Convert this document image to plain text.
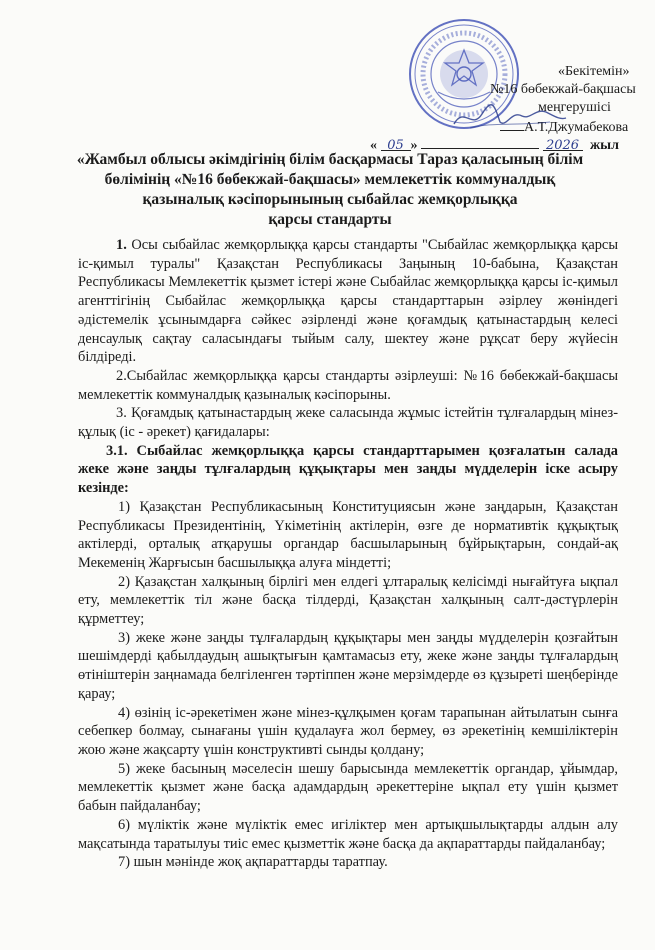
«Бекітемін»
№16 бөбекжай-бақшасы
меңгерушісі
А.Т.Джумабекова
« 05 »	2026 жыл
«Жамбыл облысы әкімдігінің білім басқармасы Тараз қаласының білім
бөлімінің «№16 бөбекжай-бақшасы» мемлекеттік коммуналдық
қазыналық кәсіпорынының сыбайлас жемқорлыққа
қарсы стандарты

1. Осы сыбайлас жемқорлыққа қарсы стандарты "Сыбайлас жемқорлыққа қарсы іс-қимыл туралы" Қазақстан Республикасы Заңының 10-бабына, Қазақстан Республикасы Мемлекеттік қызмет істері және Сыбайлас жемқорлыққа қарсы іс-қимыл агенттігінің Сыбайлас жемқорлыққа қарсы стандарттарын әзірлеу жөніндегі әдістемелік ұсынымдарға сәйкес әзірленді және қоғамдық қатынастардың келесі денсаулық сақтау саласындағы тыйым салу, шектеу және рұқсат беру жүйесін білдіреді.

2.Сыбайлас жемқорлыққа қарсы стандарты әзірлеуші: №16 бөбекжай-бақшасы мемлекеттік коммуналдық қазыналық кәсіпорыны.

3. Қоғамдық қатынастардың жеке саласында жұмыс істейтін тұлғалардың мінез-құлық (іс - әрекет) қағидалары:

3.1. Сыбайлас жемқорлыққа қарсы стандарттарымен қозғалатын салада жеке және заңды тұлғалардың құқықтары мен заңды мүдделерін іске асыру кезінде:

1) Қазақстан Республикасының Конституциясын және заңдарын, Қазақстан Республикасы Президентінің, Үкіметінің актілерін, өзге де нормативтік құқықтық актілерді, орталық атқарушы органдар басшыларының бұйрықтарын, сондай-ақ Мекеменің Жарғысын басшылыққа алуға міндетті;

2) Қазақстан халқының бірлігі мен елдегі ұлтаралық келісімді нығайтуға ықпал ету, мемлекеттік тіл және басқа тілдерді, Қазақстан халқының салт-дәстүрлерін құрметтеу;

3) жеке және заңды тұлғалардың құқықтары мен заңды мүдделерін қозғайтын шешімдерді қабылдаудың ашықтығын қамтамасыз ету, жеке және заңды тұлғалардың өтініштерін заңнамада белгіленген тәртіппен және мерзімдерде өз құзыреті шеңберінде қарау;

4) өзінің іс-әрекетімен және мінез-құлқымен қоғам тарапынан айтылатын сынға себепкер болмау, сынағаны үшін қудалауға жол бермеу, өз әрекетінің кемшіліктерін жою және жақсарту үшін конструктивті сынды қолдану;

5) жеке басының мәселесін шешу барысында мемлекеттік органдар, ұйымдар, мемлекеттік қызмет және басқа адамдардың әрекеттеріне ықпал ету үшін қызмет бабын пайдаланбау;

6) мүліктік және мүліктік емес игіліктер мен артықшылықтарды алдын алу мақсатында таратылуы тиіс емес қызметтік және басқа да ақпараттарды пайдаланбау;

7) шын мәнінде жоқ ақпараттарды таратпау.
